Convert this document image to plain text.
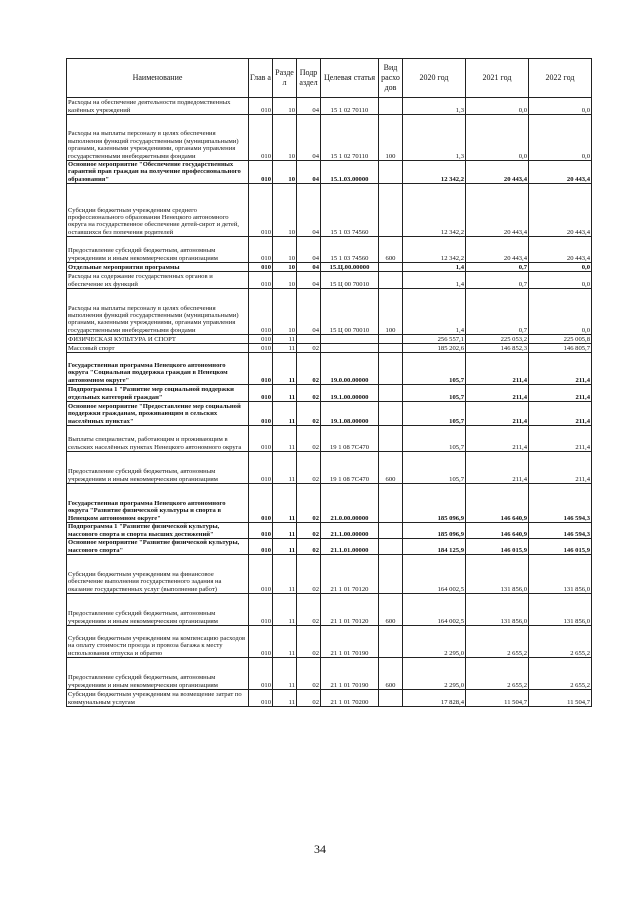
Наименование	Глав а	Разде л	Подр аздел	Целевая статья	Вид расхо дов	2020 год	2021 год	2022 год
Расходы на обеспечение деятельности подведомственных казённых учреждений	010	10	04	15 1 02 70110		1,3	0,0	0,0
Расходы на выплаты персоналу в целях обеспечения выполнения функций государственными (муниципальными) органами, казенными учреждениями, органами управления государственными внебюджетными фондами	010	10	04	15 1 02 70110	100	1,3	0,0	0,0
Основное мероприятие "Обеспечение государственных гарантий прав граждан на получение профессионального образования"	010	10	04	15.1.03.00000		12 342,2	20 443,4	20 443,4
Субсидии бюджетным учреждениям среднего профессионального образования Ненецкого автономного округа на государственное обеспечение детей-сирот и детей, оставшихся без попечения родителей	010	10	04	15 1 03 74560		12 342,2	20 443,4	20 443,4
Предоставление субсидий бюджетным, автономным учреждениям и иным некоммерческим организациям	010	10	04	15 1 03 74560	600	12 342,2	20 443,4	20 443,4
Отдельные мероприятия программы	010	10	04	15.Ц.00.00000		1,4	0,7	0,0
Расходы на содержание государственных органов и обеспечение их функций	010	10	04	15 Ц 00 70010		1,4	0,7	0,0
Расходы на выплаты персоналу в целях обеспечения выполнения функций государственными (муниципальными) органами, казенными учреждениями, органами управления государственными внебюджетными фондами	010	10	04	15 Ц 00 70010	100	1,4	0,7	0,0
ФИЗИЧЕСКАЯ КУЛЬТУРА И СПОРТ	010	11				256 557,1	225 053,2	225 005,8
Массовый спорт	010	11	02			185 202,6	146 852,3	146 805,7
Государственная программа Ненецкого автономного округа "Социальная поддержка граждан в Ненецком автономном округе"	010	11	02	19.0.00.00000		105,7	211,4	211,4
Подпрограмма 1 "Развитие мер социальной поддержки отдельных категорий граждан"	010	11	02	19.1.00.00000		105,7	211,4	211,4
Основное мероприятие "Предоставление мер социальной поддержки гражданам, проживающим в сельских населённых пунктах"	010	11	02	19.1.08.00000		105,7	211,4	211,4
Выплаты специалистам, работающим и проживающим в сельских населённых пунктах Ненецкого автономного округа	010	11	02	19 1 08 7C470		105,7	211,4	211,4
Предоставление субсидий бюджетным, автономным учреждениям и иным некоммерческим организациям	010	11	02	19 1 08 7C470	600	105,7	211,4	211,4
Государственная программа Ненецкого автономного округа "Развитие физической культуры и спорта в Ненецком автономном округе"	010	11	02	21.0.00.00000		185 096,9	146 640,9	146 594,3
Подпрограмма 1 "Развитие физической культуры, массового спорта и спорта высших достижений"	010	11	02	21.1.00.00000		185 096,9	146 640,9	146 594,3
Основное мероприятие "Развитие физической культуры, массового спорта"	010	11	02	21.1.01.00000		184 125,9	146 015,9	146 015,9
Субсидии бюджетным учреждениям на финансовое обеспечение выполнения государственного задания на оказание государственных услуг (выполнение работ)	010	11	02	21 1 01 70120		164 002,5	131 856,0	131 856,0
Предоставление субсидий бюджетным, автономным учреждениям и иным некоммерческим организациям	010	11	02	21 1 01 70120	600	164 002,5	131 856,0	131 856,0
Субсидии бюджетным учреждениям на компенсацию расходов на оплату стоимости проезда и провоза багажа к месту использования отпуска и обратно	010	11	02	21 1 01 70190		2 295,0	2 655,2	2 655,2
Предоставление субсидий бюджетным, автономным учреждениям и иным некоммерческим организациям	010	11	02	21 1 01 70190	600	2 295,0	2 655,2	2 655,2
Субсидии бюджетным учреждениям на возмещение затрат по коммунальным услугам	010	11	02	21 1 01 70200		17 828,4	11 504,7	11 504,7
34
